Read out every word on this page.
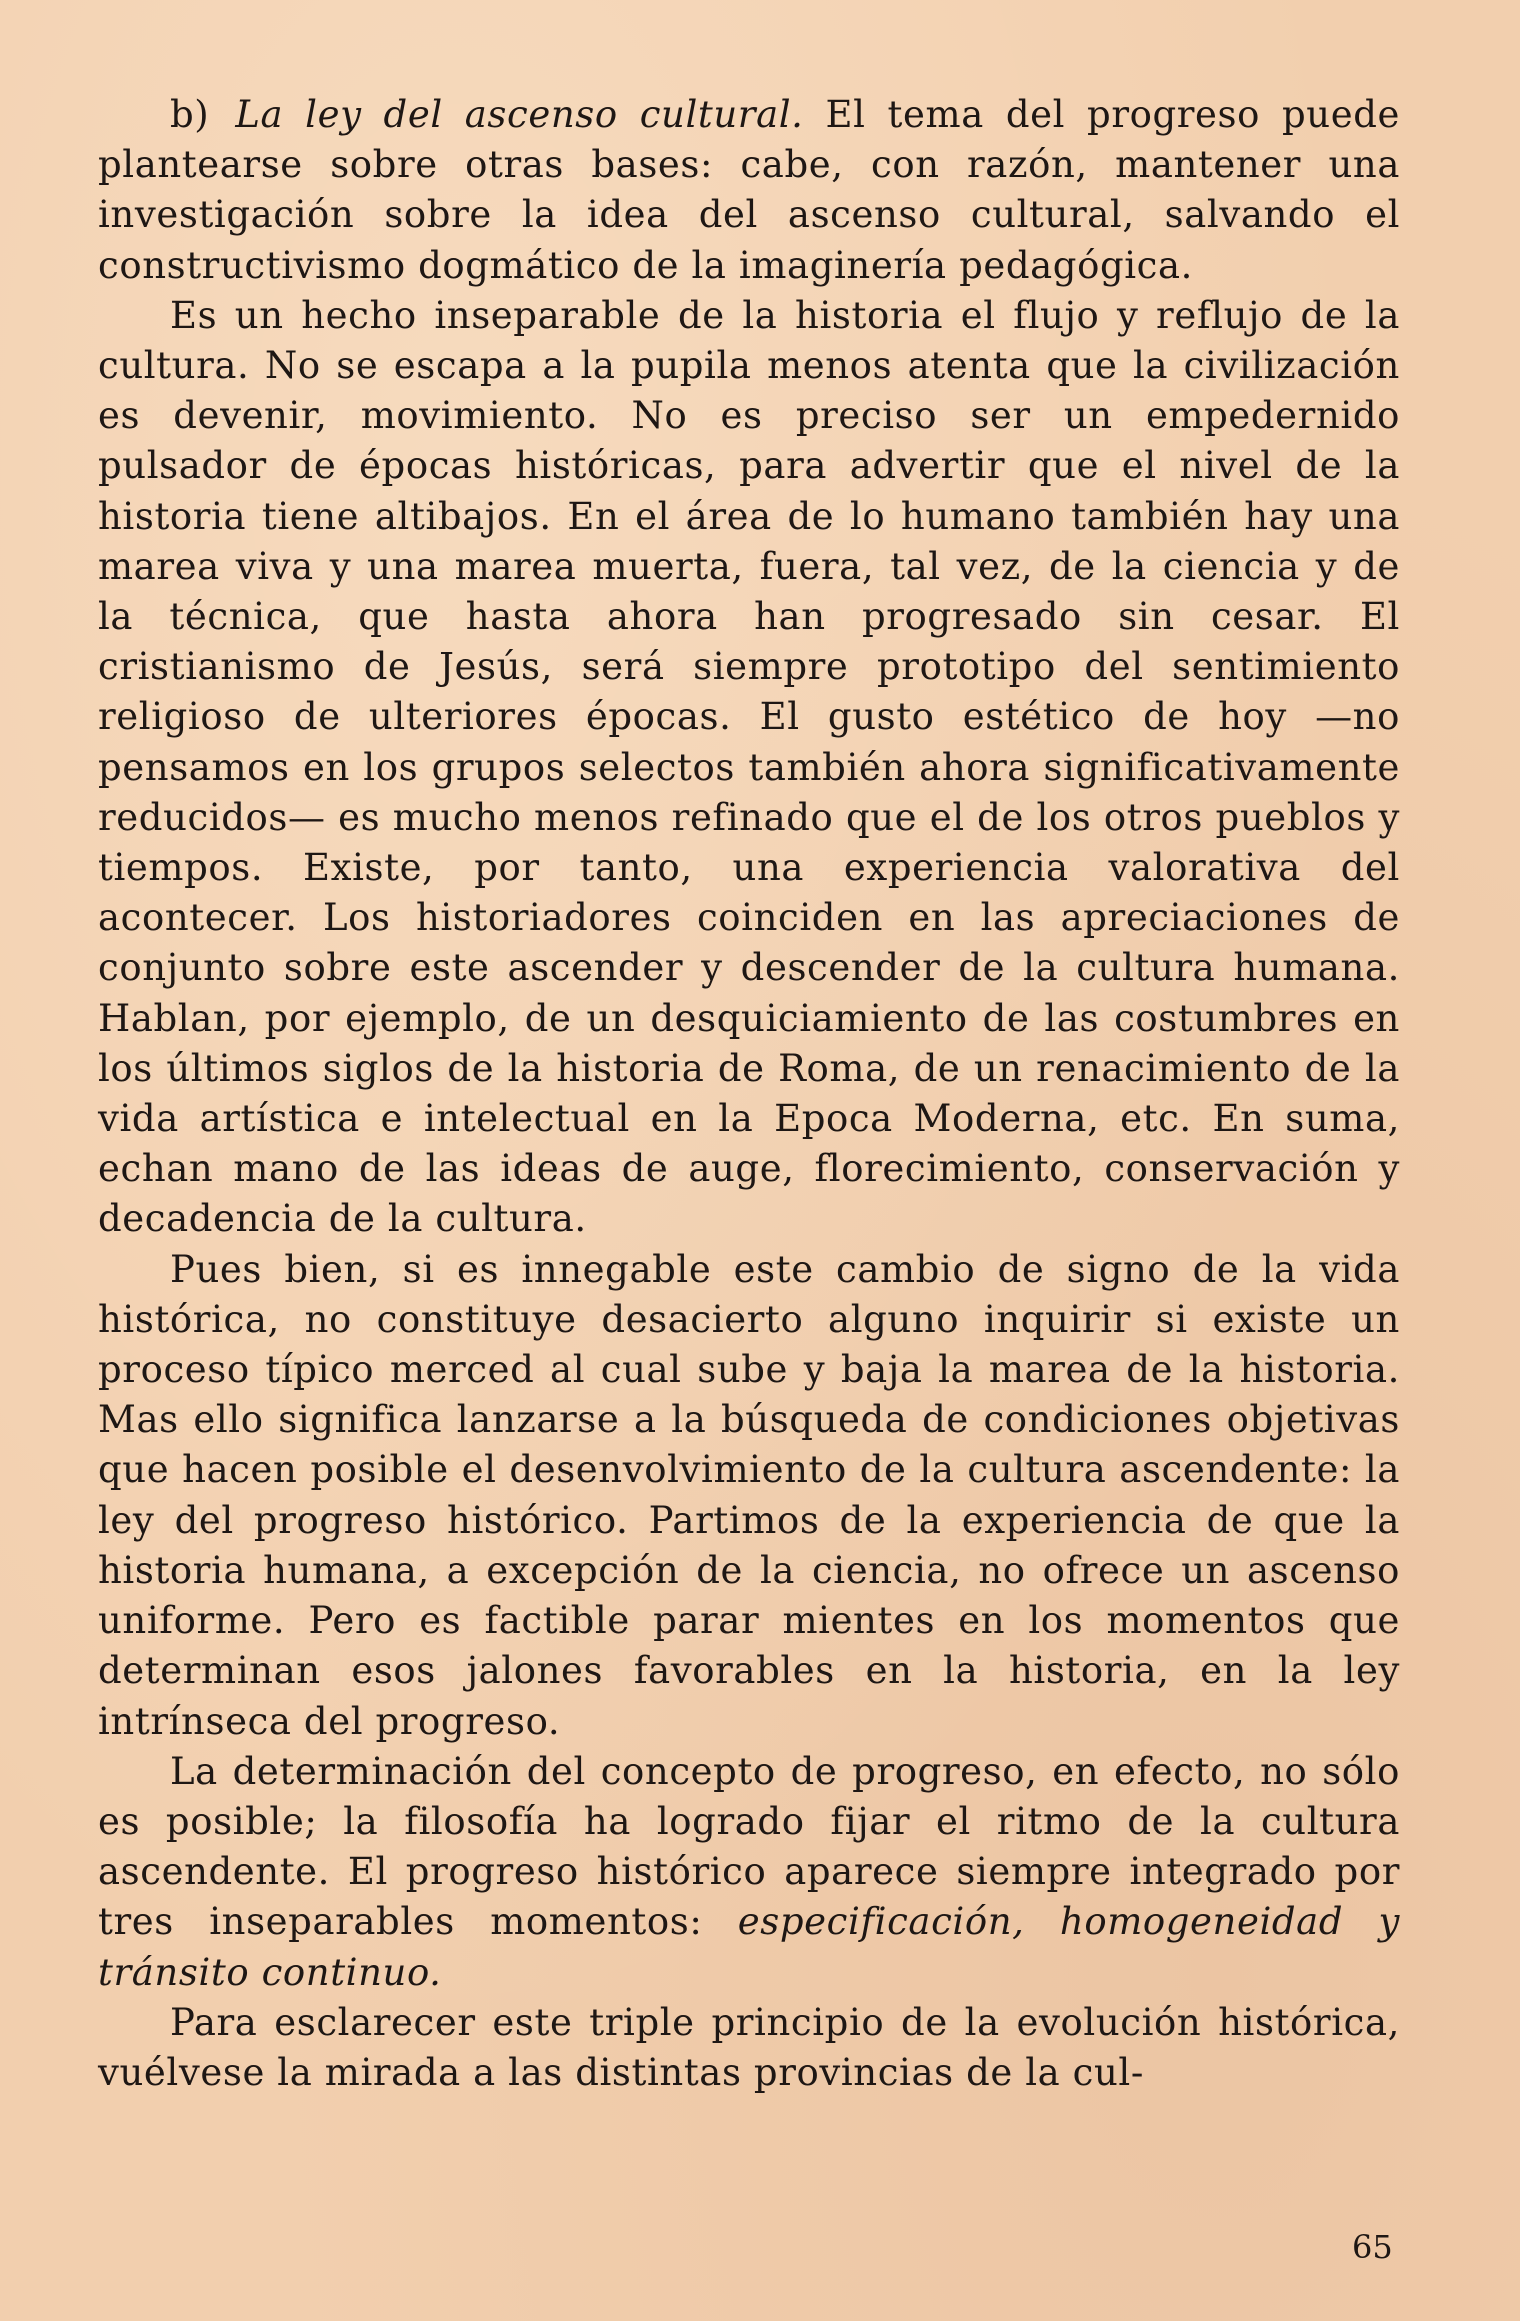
b) La ley del ascenso cultural. El tema del progreso puede plantearse sobre otras bases: cabe, con razón, mantener una investigación sobre la idea del ascenso cultural, salvando el constructivismo dogmático de la imaginería pedagógica.

Es un hecho inseparable de la historia el flujo y reflujo de la cultura. No se escapa a la pupila menos atenta que la civilización es devenir, movimiento. No es preciso ser un empedernido pulsador de épocas históricas, para advertir que el nivel de la historia tiene altibajos. En el área de lo humano también hay una marea viva y una marea muerta, fuera, tal vez, de la ciencia y de la técnica, que hasta ahora han progresado sin cesar. El cristianismo de Jesús, será siempre prototipo del sentimiento religioso de ulteriores épocas. El gusto estético de hoy —no pensamos en los grupos selectos también ahora significativamente reducidos— es mucho menos refinado que el de los otros pueblos y tiempos. Existe, por tanto, una experiencia valorativa del acontecer. Los historiadores coinciden en las apreciaciones de conjunto sobre este ascender y descender de la cultura humana. Hablan, por ejemplo, de un desquiciamiento de las costumbres en los últimos siglos de la historia de Roma, de un renacimiento de la vida artística e intelectual en la Epoca Moderna, etc. En suma, echan mano de las ideas de auge, florecimiento, conservación y decadencia de la cultura.

Pues bien, si es innegable este cambio de signo de la vida histórica, no constituye desacierto alguno inquirir si existe un proceso típico merced al cual sube y baja la marea de la historia. Mas ello significa lanzarse a la búsqueda de condiciones objetivas que hacen posible el desenvolvimiento de la cultura ascendente: la ley del progreso histórico. Partimos de la experiencia de que la historia humana, a excepción de la ciencia, no ofrece un ascenso uniforme. Pero es factible parar mientes en los momentos que determinan esos jalones favorables en la historia, en la ley intrínseca del progreso.

La determinación del concepto de progreso, en efecto, no sólo es posible; la filosofía ha logrado fijar el ritmo de la cultura ascendente. El progreso histórico aparece siempre integrado por tres inseparables momentos: especificación, homogeneidad y tránsito continuo.

Para esclarecer este triple principio de la evolución histórica, vuélvese la mirada a las distintas provincias de la cul-

65
